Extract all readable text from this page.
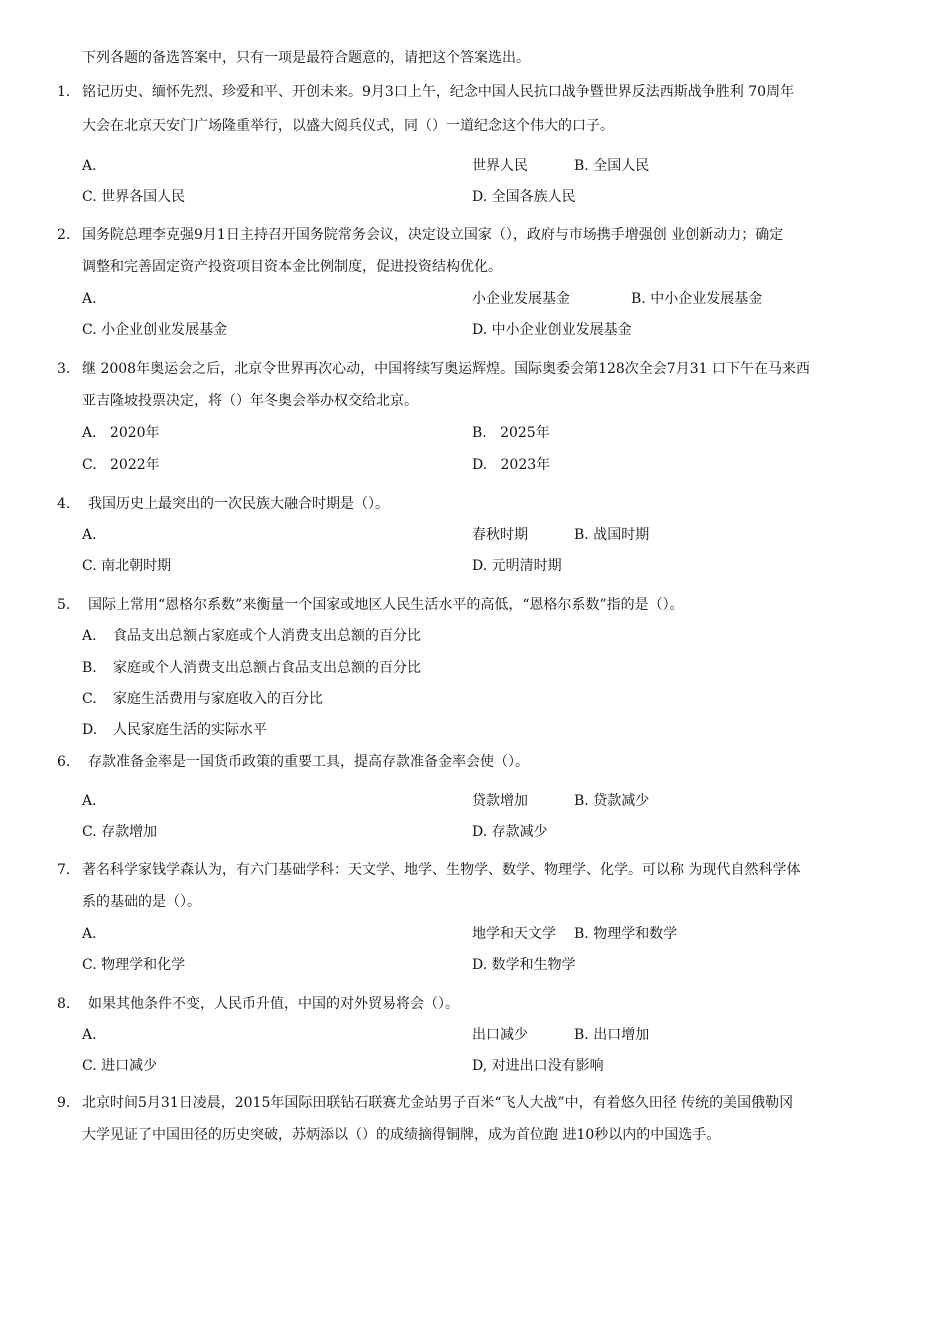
下列各题的备选答案中，只有一项是最符合题意的，请把这个答案选出。
1. 铭记历史、缅怀先烈、珍爱和平、开创未来。9月3口上午，纪念中国人民抗口战争暨世界反法西斯战争胜利 70周年
大会在北京天安门广场隆重举行，以盛大阅兵仪式，同（）一道纪念这个伟大的口子。
A.	世界人民	B. 全国人民
C. 世界各国人民	D. 全国各族人民
2. 国务院总理李克强9月1日主持召开国务院常务会议，决定设立国家（），政府与市场携手增强创 业创新动力；确定
调整和完善固定资产投资项目资本金比例制度，促进投资结构优化。
A.	小企业发展基金	B. 中小企业发展基金
C. 小企业创业发展基金	D. 中小企业创业发展基金
3. 继 2008年奥运会之后，北京令世界再次心动，中国将续写奥运辉煌。国际奥委会第128次全会7月31 口下午在马来西
亚吉隆坡投票决定，将（）年冬奥会举办权交给北京。
A.   2020年	B.   2025年
C.   2022年	D.   2023年
4. 我国历史上最突出的一次民族大融合时期是（）。
A.	春秋时期	B. 战国时期
C. 南北朝时期	D. 元明清时期
5. 国际上常用“恩格尔系数”来衡量一个国家或地区人民生活水平的高低，“恩格尔系数”指的是（）。
A. 食品支出总额占家庭或个人消费支出总额的百分比
B. 家庭或个人消费支出总额占食品支出总额的百分比
C. 家庭生活费用与家庭收入的百分比
D. 人民家庭生活的实际水平
6. 存款准备金率是一国货币政策的重要工具，提高存款准备金率会使（）。
A.	贷款增加	B. 贷款减少
C. 存款增加	D. 存款减少
7. 著名科学家钱学森认为，有六门基础学科：天文学、地学、生物学、数学、物理学、化学。可以称 为现代自然科学体
系的基础的是（）。
A.	地学和天文学 B. 物理学和数学
C. 物理学和化学	D. 数学和生物学
8. 如果其他条件不变，人民币升值，中国的对外贸易将会（）。
A.	出口减少	B. 出口增加
C. 进口减少	D, 对进出口没有影响
9. 北京时间5月31日凌晨，2015年国际田联钻石联赛尤金站男子百米“飞人大战”中，有着悠久田径 传统的美国俄勒冈
大学见证了中国田径的历史突破，苏炳添以（）的成绩摘得铜牌，成为首位跑 进10秒以内的中国选手。
